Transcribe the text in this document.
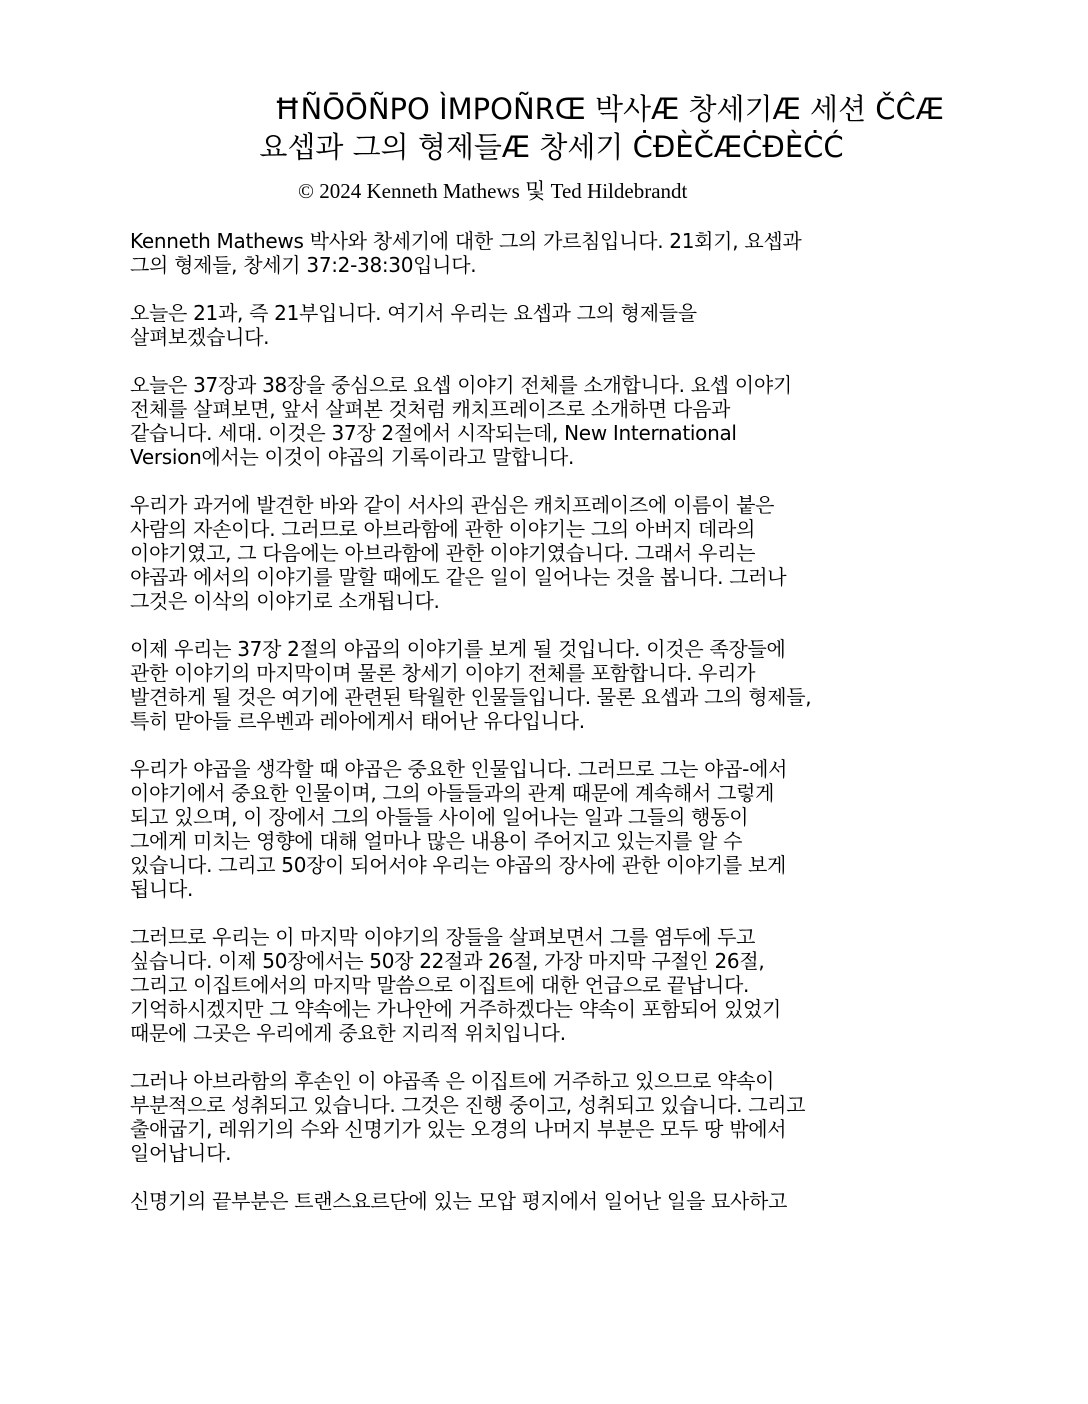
ĦÑŌŌÑPO ÌMPOÑRŒ 박사Æ 창세기Æ 세션 ČĈÆ
요셉과 그의 형제들Æ 창세기 ĊĐÈČÆĊĐÈĊĆ
© 2024 Kenneth Mathews 및 Ted Hildebrandt
Kenneth Mathews 박사와 창세기에 대한 그의 가르침입니다. 21회기, 요셉과
그의 형제들, 창세기 37:2-38:30입니다.
오늘은 21과, 즉 21부입니다. 여기서 우리는 요셉과 그의 형제들을
살펴보겠습니다.
오늘은 37장과 38장을 중심으로 요셉 이야기 전체를 소개합니다. 요셉 이야기
전체를 살펴보면, 앞서 살펴본 것처럼 캐치프레이즈로 소개하면 다음과
같습니다. 세대. 이것은 37장 2절에서 시작되는데, New International
Version에서는 이것이 야곱의 기록이라고 말합니다.
우리가 과거에 발견한 바와 같이 서사의 관심은 캐치프레이즈에 이름이 붙은
사람의 자손이다. 그러므로 아브라함에 관한 이야기는 그의 아버지 데라의
이야기였고, 그 다음에는 아브라함에 관한 이야기였습니다. 그래서 우리는
야곱과 에서의 이야기를 말할 때에도 같은 일이 일어나는 것을 봅니다. 그러나
그것은 이삭의 이야기로 소개됩니다.
이제 우리는 37장 2절의 야곱의 이야기를 보게 될 것입니다. 이것은 족장들에
관한 이야기의 마지막이며 물론 창세기 이야기 전체를 포함합니다. 우리가
발견하게 될 것은 여기에 관련된 탁월한 인물들입니다. 물론 요셉과 그의 형제들,
특히 맏아들 르우벤과 레아에게서 태어난 유다입니다.
우리가 야곱을 생각할 때 야곱은 중요한 인물입니다. 그러므로 그는 야곱-에서
이야기에서 중요한 인물이며, 그의 아들들과의 관계 때문에 계속해서 그렇게
되고 있으며, 이 장에서 그의 아들들 사이에 일어나는 일과 그들의 행동이
그에게 미치는 영향에 대해 얼마나 많은 내용이 주어지고 있는지를 알 수
있습니다. 그리고 50장이 되어서야 우리는 야곱의 장사에 관한 이야기를 보게
됩니다.
그러므로 우리는 이 마지막 이야기의 장들을 살펴보면서 그를 염두에 두고
싶습니다. 이제 50장에서는 50장 22절과 26절, 가장 마지막 구절인 26절,
그리고 이집트에서의 마지막 말씀으로 이집트에 대한 언급으로 끝납니다.
기억하시겠지만 그 약속에는 가나안에 거주하겠다는 약속이 포함되어 있었기
때문에 그곳은 우리에게 중요한 지리적 위치입니다.
그러나 아브라함의 후손인 이 야곱족 은 이집트에 거주하고 있으므로 약속이
부분적으로 성취되고 있습니다. 그것은 진행 중이고, 성취되고 있습니다. 그리고
출애굽기, 레위기의 수와 신명기가 있는 오경의 나머지 부분은 모두 땅 밖에서
일어납니다.
신명기의 끝부분은 트랜스요르단에 있는 모압 평지에서 일어난 일을 묘사하고
